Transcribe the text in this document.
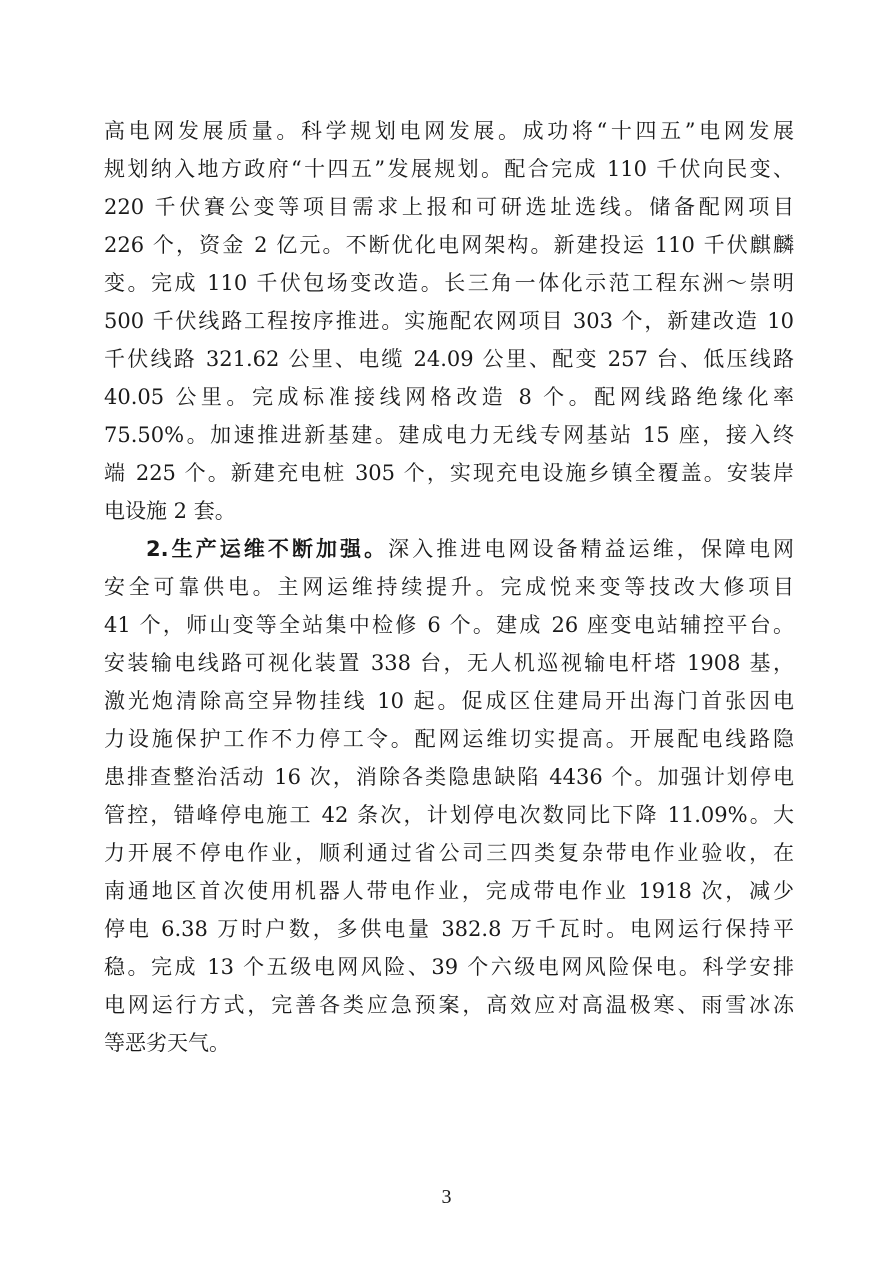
高电网发展质量。科学规划电网发展。成功将“十四五”电网发展
规划纳入地方政府“十四五”发展规划。配合完成 110 千伏向民变、
220 千伏賽公变等项目需求上报和可研选址选线。储备配网项目
226 个，资金 2 亿元。不断优化电网架构。新建投运 110 千伏麒麟
变。完成 110 千伏包场变改造。长三角一体化示范工程东洲～崇明
500 千伏线路工程按序推进。实施配农网项目 303 个，新建改造 10
千伏线路 321.62 公里、电缆 24.09 公里、配变 257 台、低压线路
40.05 公里。完成标准接线网格改造 8 个。配网线路绝缘化率
75.50%。加速推进新基建。建成电力无线专网基站 15 座，接入终
端 225 个。新建充电桩 305 个，实现充电设施乡镇全覆盖。安装岸
电设施 2 套。
2.生产运维不断加强。深入推进电网设备精益运维，保障电网
安全可靠供电。主网运维持续提升。完成悦来变等技改大修项目
41 个，师山变等全站集中检修 6 个。建成 26 座变电站辅控平台。
安装输电线路可视化装置 338 台，无人机巡视输电杆塔 1908 基，
激光炮清除高空异物挂线 10 起。促成区住建局开出海门首张因电
力设施保护工作不力停工令。配网运维切实提高。开展配电线路隐
患排查整治活动 16 次，消除各类隐患缺陷 4436 个。加强计划停电
管控，错峰停电施工 42 条次，计划停电次数同比下降 11.09%。大
力开展不停电作业，顺利通过省公司三四类复杂带电作业验收，在
南通地区首次使用机器人带电作业，完成带电作业 1918 次，减少
停电 6.38 万时户数，多供电量 382.8 万千瓦时。电网运行保持平
稳。完成 13 个五级电网风险、39 个六级电网风险保电。科学安排
电网运行方式，完善各类应急预案，高效应对高温极寒、雨雪冰冻
等恶劣天气。
3
